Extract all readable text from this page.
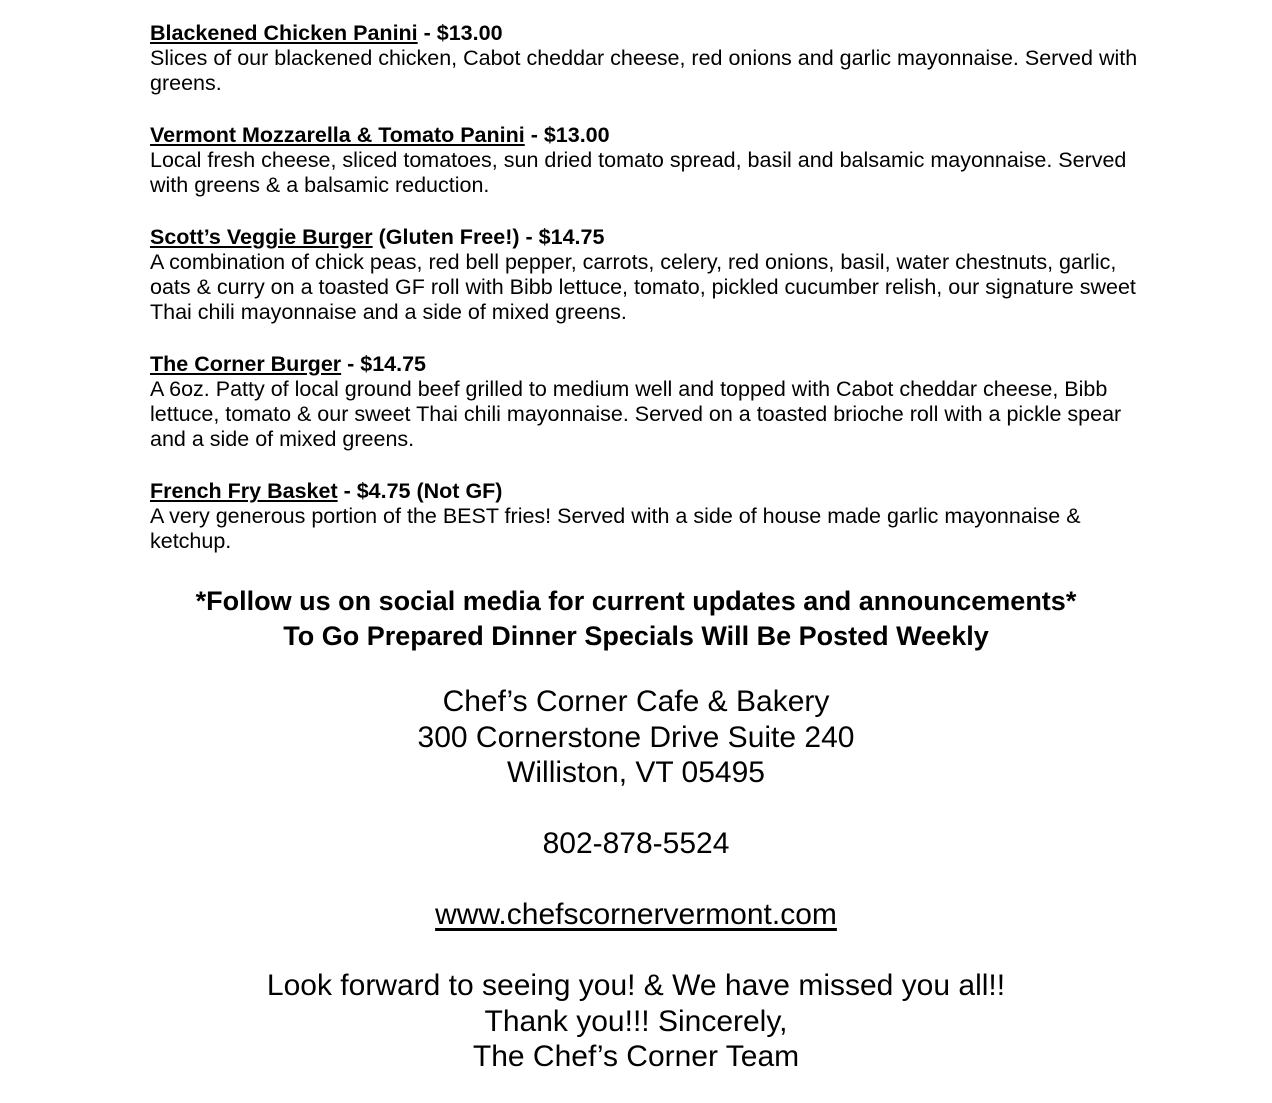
Blackened Chicken Panini - $13.00
Slices of our blackened chicken, Cabot cheddar cheese, red onions and garlic mayonnaise. Served with greens.
Vermont Mozzarella & Tomato Panini - $13.00
Local fresh cheese, sliced tomatoes, sun dried tomato spread, basil and balsamic mayonnaise. Served with greens & a balsamic reduction.
Scott’s Veggie Burger (Gluten Free!) - $14.75
A combination of chick peas, red bell pepper, carrots, celery, red onions, basil, water chestnuts, garlic, oats & curry on a toasted GF roll with Bibb lettuce, tomato, pickled cucumber relish, our signature sweet Thai chili mayonnaise and a side of mixed greens.
The Corner Burger - $14.75
A 6oz. Patty of local ground beef grilled to medium well and topped with Cabot cheddar cheese, Bibb lettuce, tomato & our sweet Thai chili mayonnaise. Served on a toasted brioche roll with a pickle spear and a side of mixed greens.
French Fry Basket - $4.75 (Not GF)
A very generous portion of the BEST fries! Served with a side of house made garlic mayonnaise & ketchup.
*Follow us on social media for current updates and announcements*
To Go Prepared Dinner Specials Will Be Posted Weekly
Chef’s Corner Cafe & Bakery
300 Cornerstone Drive Suite 240
Williston, VT 05495
802-878-5524
www.chefscornervermont.com
Look forward to seeing you! & We have missed you all!!
Thank you!!! Sincerely,
The Chef’s Corner Team
